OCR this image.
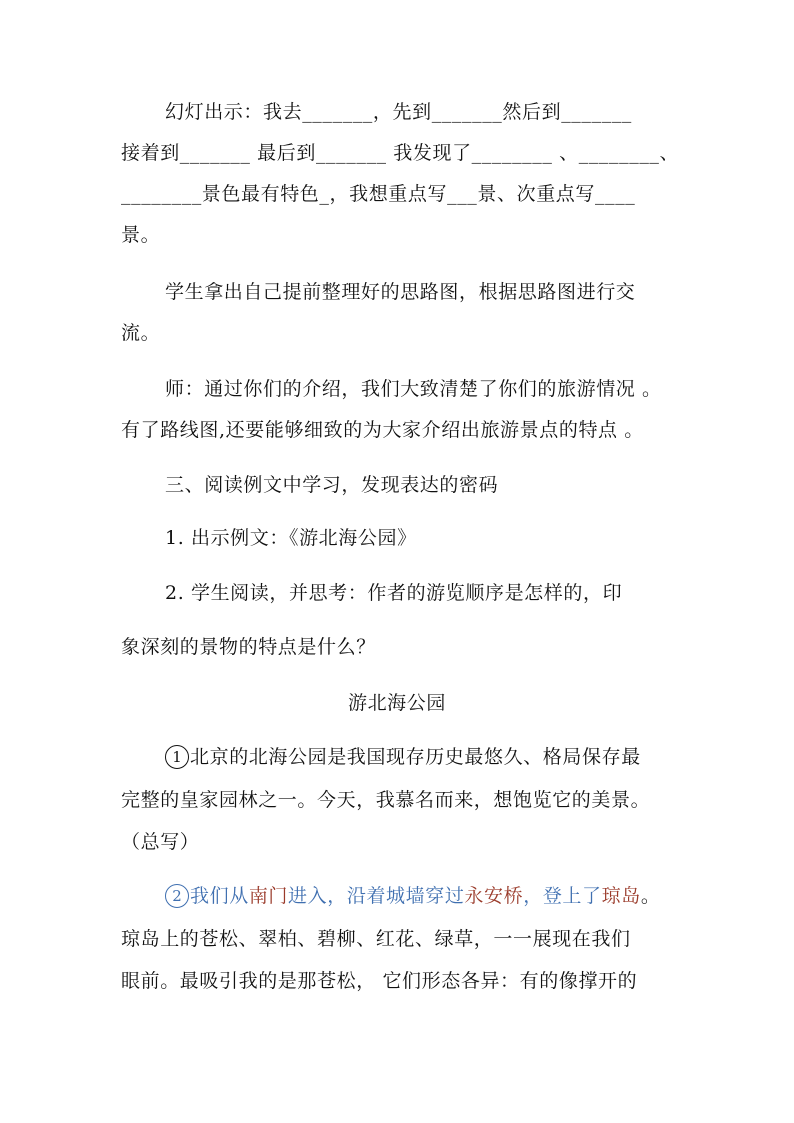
幻灯出示：我去_______，先到_______然后到_______
接着到_______ 最后到_______ 我发现了________ 、________、
________景色最有特色_，我想重点写___景、次重点写____
景。
学生拿出自己提前整理好的思路图，根据思路图进行交
流。
师：通过你们的介绍，我们大致清楚了你们的旅游情况 。
有了路线图,还要能够细致的为大家介绍出旅游景点的特点 。
三、阅读例文中学习，发现表达的密码
1. 出示例文：《游北海公园》
2. 学生阅读，并思考：作者的游览顺序是怎样的，印
象深刻的景物的特点是什么？
游北海公园
1 北京的北海公园是我国现存历史最悠久、格局保存最
完整的皇家园林之一。今天，我慕名而来，想饱览它的美景。
（总写）
2 我们从南门进入，沿着城墙穿过永安桥，登上了琼岛。
琼岛上的苍松、翠柏、碧柳、红花、绿草，一一展现在我们
眼前。最吸引我的是那苍松， 它们形态各异：有的像撑开的
